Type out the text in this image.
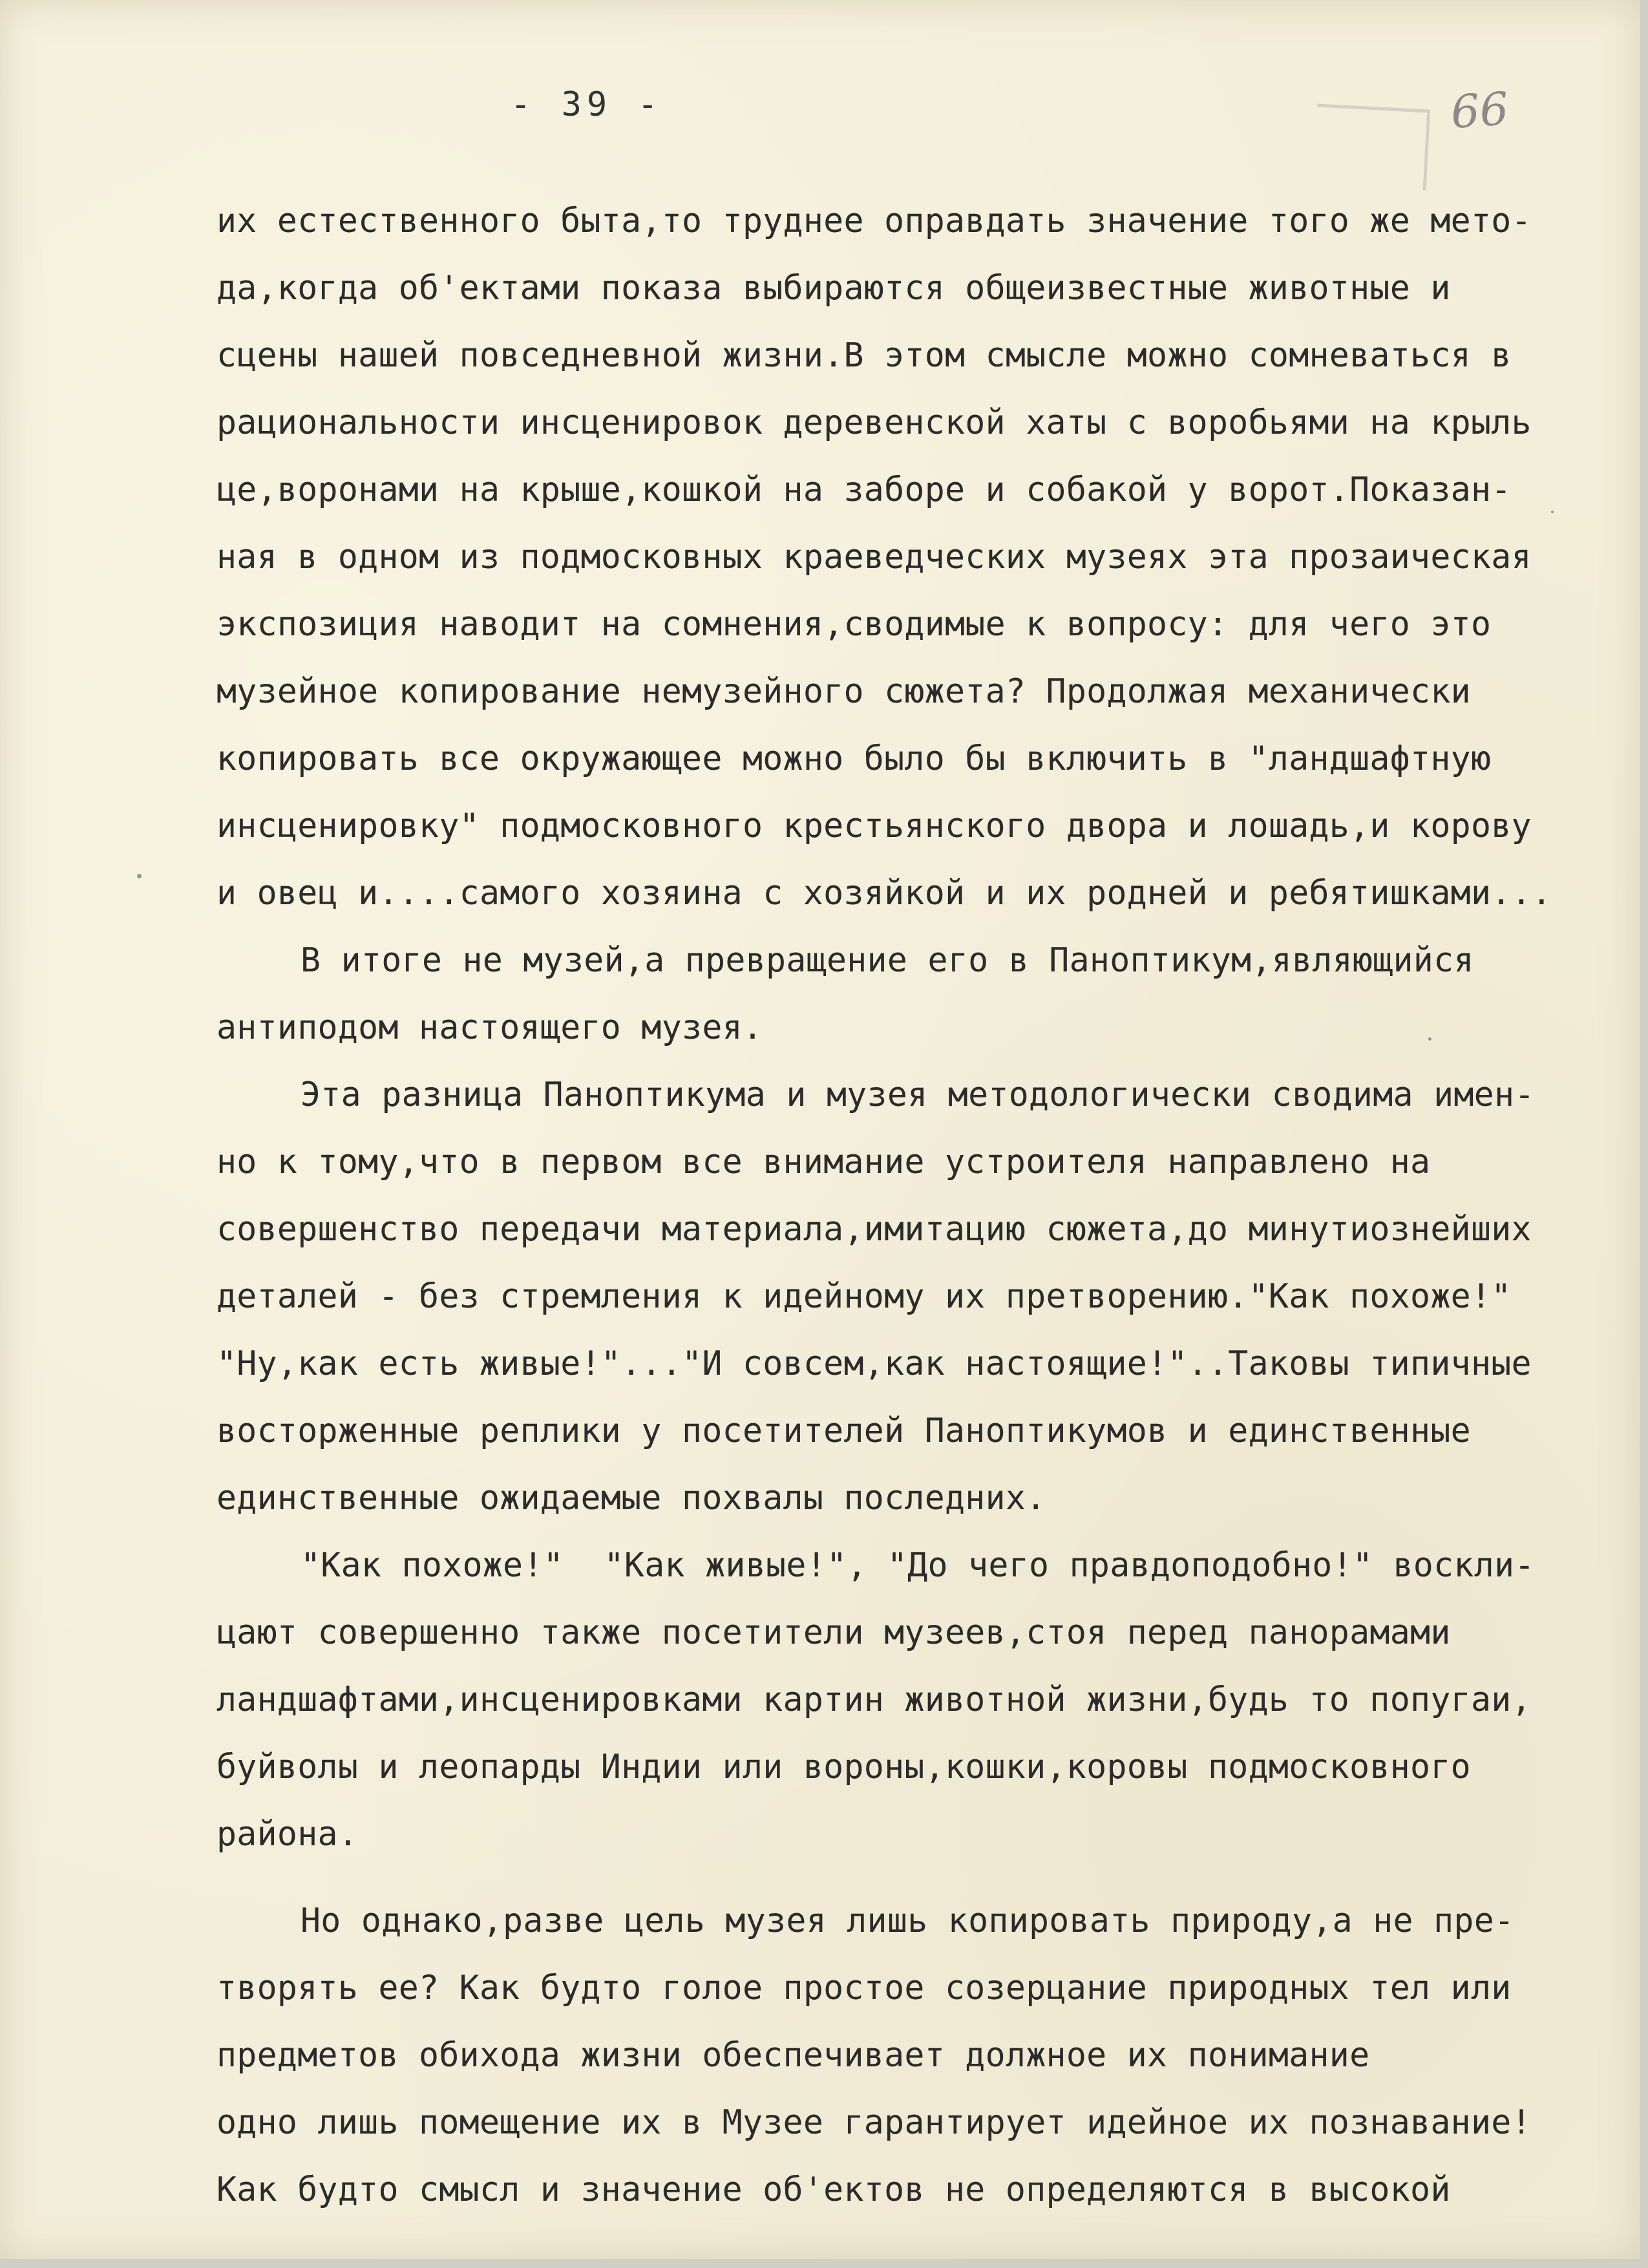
- 39 -	66
их естественного быта,то труднее оправдать значение того же мето-
да,когда об'ектами показа выбираются общеизвестные животные и
сцены нашей повседневной жизни.В этом смысле можно сомневаться в
рациональности инсценировок деревенской хаты с воробьями на крыль
це,воронами на крыше,кошкой на заборе и собакой у ворот.Показан-
ная в одном из подмосковных краеведческих музеях эта прозаическая
экспозиция наводит на сомнения,сводимые к вопросу: для чего это
музейное копирование немузейного сюжета? Продолжая механически
копировать все окружающее можно было бы включить в "ландшафтную
инсценировку" подмосковного крестьянского двора и лошадь,и корову
и овец и....самого хозяина с хозяйкой и их родней и ребятишками...
В итоге не музей,а превращение его в Паноптикум,являющийся
антиподом настоящего музея.
Эта разница Паноптикума и музея методологически сводима имен-
но к тому,что в первом все внимание устроителя направлено на
совершенство передачи материала,имитацию сюжета,до минутиознейших
деталей - без стремления к идейному их претворению."Как похоже!"
"Ну,как есть живые!"..."И совсем,как настоящие!"..Таковы типичные
восторженные реплики у посетителей Паноптикумов и единственные
единственные ожидаемые похвалы последних.
"Как похоже!"  "Как живые!", "До чего правдоподобно!" воскли-
цают совершенно также посетители музеев,стоя перед панорамами
ландшафтами,инсценировками картин животной жизни,будь то попугаи,
буйволы и леопарды Индии или вороны,кошки,коровы подмосковного
района.
Но однако,разве цель музея лишь копировать природу,а не пре-
творять ее? Как будто голое простое созерцание природных тел или
предметов обихода жизни обеспечивает должное их понимание
одно лишь помещение их в Музее гарантирует идейное их познавание!
Как будто смысл и значение об'ектов не определяются в высокой
